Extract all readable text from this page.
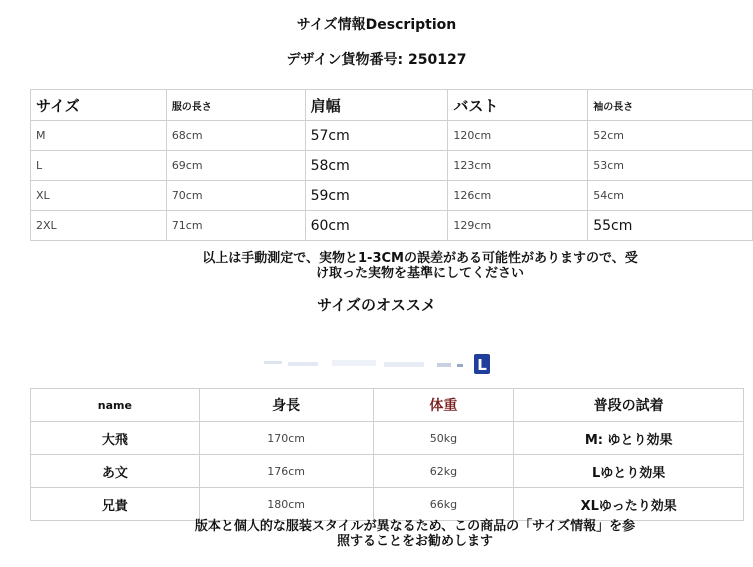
サイズ情報Description
デザイン貨物番号: 250127
サイズ	服の長さ	肩幅	バスト	袖の長さ
M	68cm	57cm	120cm	52cm
L	69cm	58cm	123cm	53cm
XL	70cm	59cm	126cm	54cm
2XL	71cm	60cm	129cm	55cm
以上は手動測定で、実物と1-3CMの誤差がある可能性がありますので、受け取った実物を基準にしてください
サイズのオススメ
L
name	身長	体重	普段の試着
大飛	170cm	50kg	M: ゆとり効果
あ文	176cm	62kg	Lゆとり効果
兄貴	180cm	66kg	XLゆったり効果
版本と個人的な服装スタイルが異なるため、この商品の「サイズ情報」を参照することをお勧めします
